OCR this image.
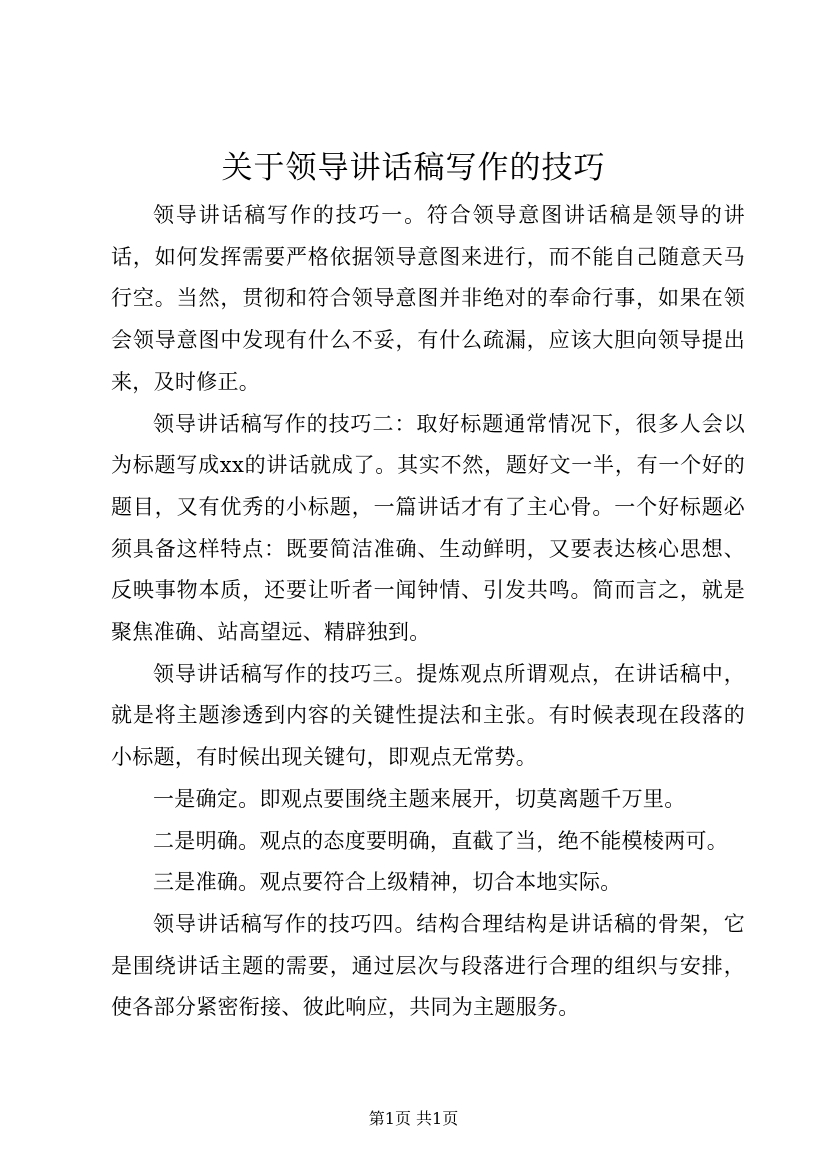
关于领导讲话稿写作的技巧

领导讲话稿写作的技巧一。符合领导意图讲话稿是领导的讲话，如何发挥需要严格依据领导意图来进行，而不能自己随意天马行空。当然，贯彻和符合领导意图并非绝对的奉命行事，如果在领会领导意图中发现有什么不妥，有什么疏漏，应该大胆向领导提出来，及时修正。

领导讲话稿写作的技巧二：取好标题通常情况下，很多人会以为标题写成xx的讲话就成了。其实不然，题好文一半，有一个好的题目，又有优秀的小标题，一篇讲话才有了主心骨。一个好标题必须具备这样特点：既要简洁准确、生动鲜明，又要表达核心思想、反映事物本质，还要让听者一闻钟情、引发共鸣。简而言之，就是聚焦准确、站高望远、精辟独到。

领导讲话稿写作的技巧三。提炼观点所谓观点，在讲话稿中，就是将主题渗透到内容的关键性提法和主张。有时候表现在段落的小标题，有时候出现关键句，即观点无常势。

一是确定。即观点要围绕主题来展开，切莫离题千万里。

二是明确。观点的态度要明确，直截了当，绝不能模棱两可。

三是准确。观点要符合上级精神，切合本地实际。

领导讲话稿写作的技巧四。结构合理结构是讲话稿的骨架，它是围绕讲话主题的需要，通过层次与段落进行合理的组织与安排，使各部分紧密衔接、彼此响应，共同为主题服务。

第1页 共1页
